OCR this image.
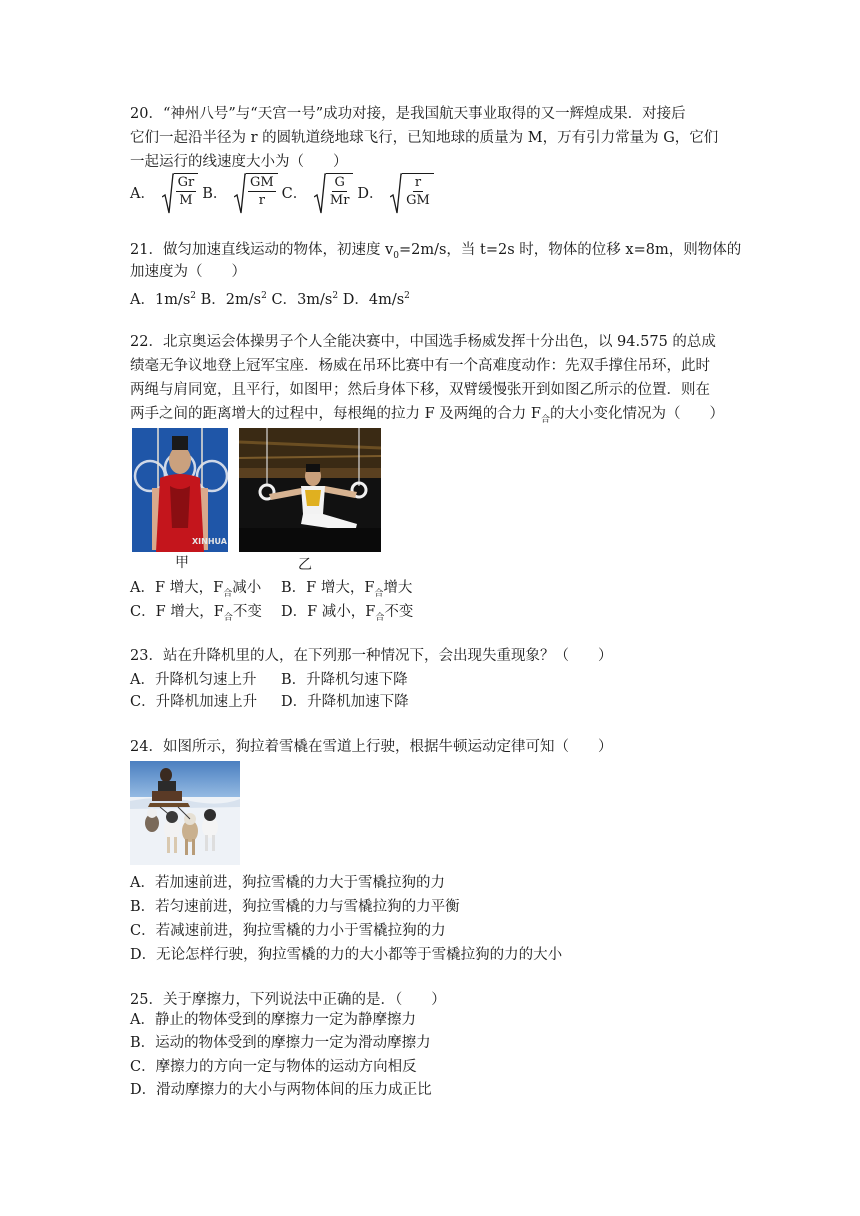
20．“神州八号”与“天宫一号”成功对接，是我国航天事业取得的又一辉煌成果．对接后
它们一起沿半径为 r 的圆轨道绕地球飞行，已知地球的质量为 M，万有引力常量为 G，它们
一起运行的线速度大小为（　　）
A． $\frac{Gr}{M}$ B． $\frac{GM}{r}$ C． $\frac{G}{Mr}$ D． $\frac{r}{GM}$
21．做匀加速直线运动的物体，初速度 $v_0=2m/s$，当 t=2s 时，物体的位移 x=8m，则物体的
加速度为（　　）
A．$1m/s^2$ B．$2m/s^2$ C．$3m/s^2$ D．$4m/s^2$
22．北京奥运会体操男子个人全能决赛中，中国选手杨威发挥十分出色，以 94.575 的总成
绩毫无争议地登上冠军宝座．杨威在吊环比赛中有一个高难度动作：先双手撑住吊环，此时
两绳与肩同宽，且平行，如图甲；然后身体下移，双臂缓慢张开到如图乙所示的位置．则在
两手之间的距离增大的过程中，每根绳的拉力 F 及两绳的合力 $F_合$的大小变化情况为（　　）
XINHUA
甲	乙
A．F 增大，$F_合$减小 B．F 增大，$F_合$增大
C．F 增大，$F_合$不变 D．F 减小，$F_合$不变
23．站在升降机里的人，在下列那一种情况下，会出现失重现象？（　　）
A．升降机匀速上升 B．升降机匀速下降
C．升降机加速上升 D．升降机加速下降
24．如图所示，狗拉着雪橇在雪道上行驶，根据牛顿运动定律可知（　　）
A．若加速前进，狗拉雪橇的力大于雪橇拉狗的力
B．若匀速前进，狗拉雪橇的力与雪橇拉狗的力平衡
C．若减速前进，狗拉雪橇的力小于雪橇拉狗的力
D．无论怎样行驶，狗拉雪橇的力的大小都等于雪橇拉狗的力的大小
25．关于摩擦力，下列说法中正确的是．（　　）
A．静止的物体受到的摩擦力一定为静摩擦力
B．运动的物体受到的摩擦力一定为滑动摩擦力
C．摩擦力的方向一定与物体的运动方向相反
D．滑动摩擦力的大小与两物体间的压力成正比
